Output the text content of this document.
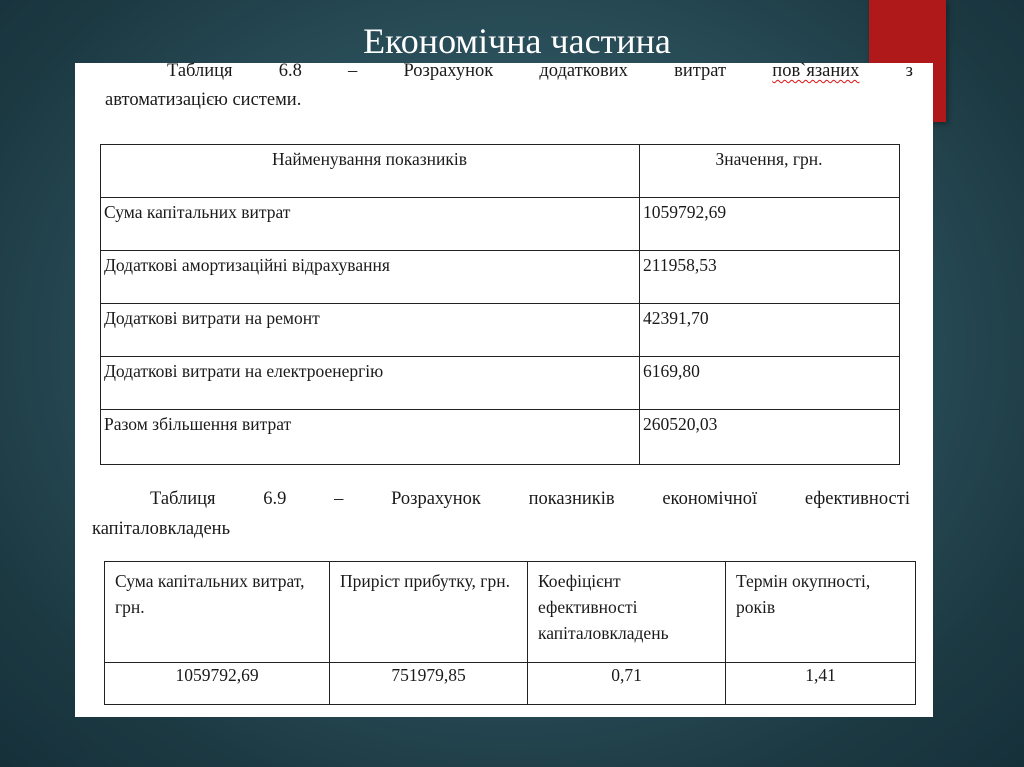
Економічна частина
Таблиця 6.8 – Розрахунок додаткових витрат пов`язаних з
автоматизацією системи.
Найменування показників	Значення, грн.
Сума капітальних витрат	1059792,69
Додаткові амортизаційні відрахування	211958,53
Додаткові витрати на ремонт	42391,70
Додаткові витрати на електроенергію	6169,80
Разом збільшення витрат	260520,03
Таблиця	6.9	–	Розрахунок	показників	економічної	ефективності
капіталовкладень
Сума капітальних витрат, грн.	Приріст прибутку, грн.	Коефіцієнт ефективності капіталовкладень	Термін окупності, років
1059792,69	751979,85	0,71	1,41
